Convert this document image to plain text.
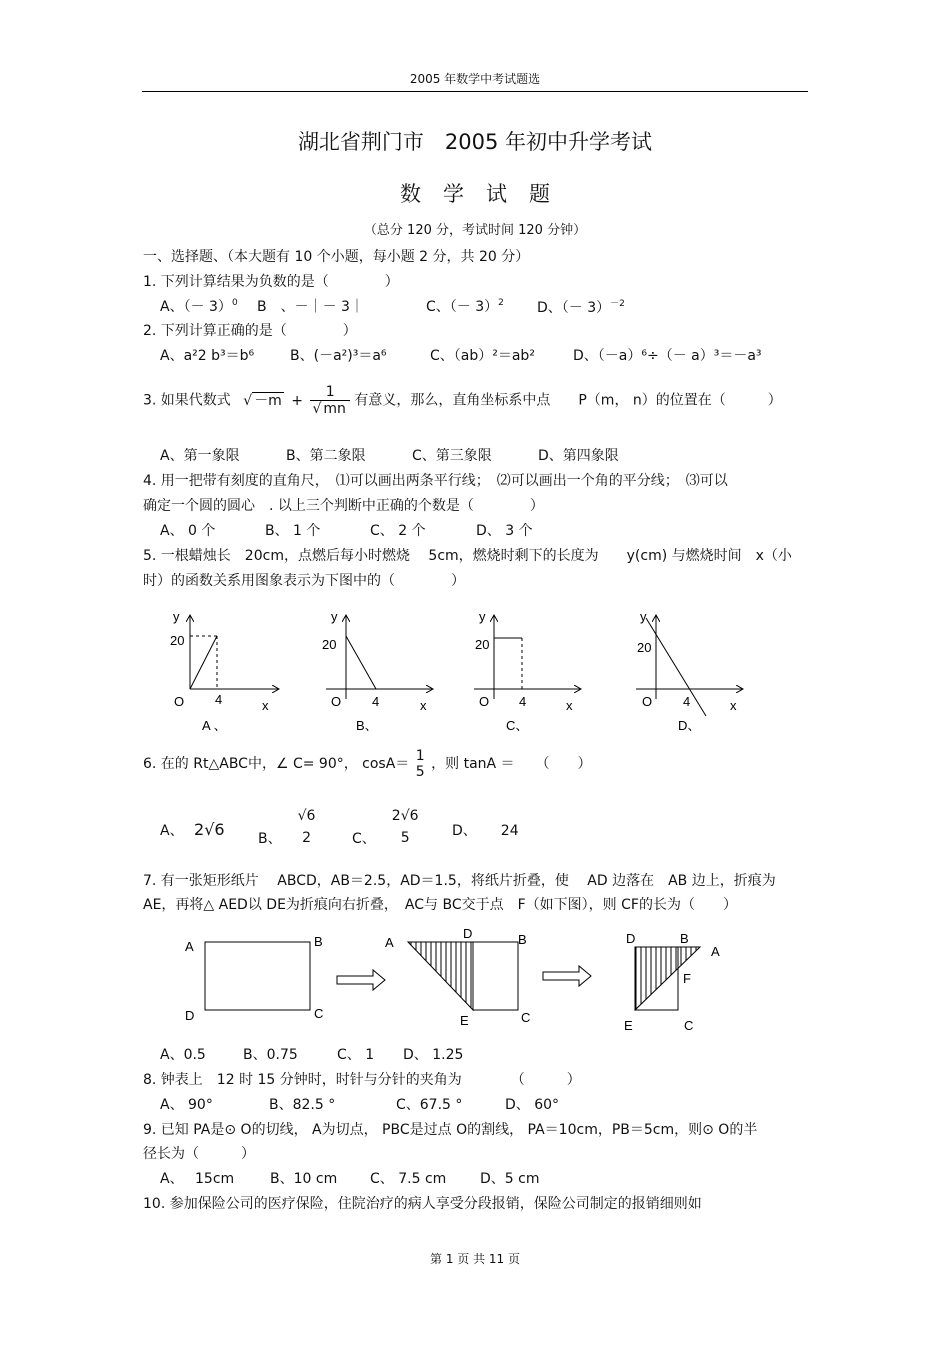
2005 年数学中考试题选
湖北省荆门市　2005 年初中升学考试
数学试题
（总分 120 分，考试时间 120 分钟）
一、选择题、（本大题有 10 个小题，每小题 2 分，共 20 分）
1. 下列计算结果为负数的是（　　　　）
A、（－ 3）$^0$ B　、－｜－ 3｜	C、（－ 3）$^2$ D、（－ 3）$^{-2}$
2. 下列计算正确的是（　　　　）
A、a²2 b³＝b⁶	B、(－a²)³＝a⁶	C、（ab）²＝ab²	D、（－a）⁶÷（－ a）³＝－a³
3. 如果代数式 √ $-m + \frac{1}{√ mn}$ 有意义，那么，直角坐标系中点　　P（m， n）的位置在（　　　）
A、第一象限	B、第二象限	C、第三象限	D、第四象限
4. 用一把带有刻度的直角尺，　⑴可以画出两条平行线；　⑵可以画出一个角的平分线；　⑶可以
确定一个圆的圆心　. 以上三个判断中正确的个数是（　　　　）
A、 0 个	B、 1 个	C、 2 个	D、 3 个
5. 一根蜡烛长　20cm，点燃后每小时燃烧　 5cm，燃烧时剩下的长度为　　y(cm) 与燃烧时间　x（小
时）的函数关系用图象表示为下图中的（　　　　）
y
20
O 4	x
A 、
y
20
O 4	x
B、
y
20
O 4	x
C、
y
20
O 4	x
D、
6. 在的 Rt△ABC中，∠ C= 90°， cosA＝ 1
5 ，则 tanA ＝　　（　　）
A、 2√6 B、
√6
2	C、
2√6
5	D、 24
7. 有一张矩形纸片　 ABCD，AB＝2.5，AD＝1.5，将纸片折叠，使　 AD 边落在　AB 边上，折痕为
AE，再将△ AED以 DE为折痕向右折叠，　AC与 BC交于点　F（如下图），则 CF的长为（　　）
A	B
D	C
A
D	B
E	C
D	B
A
F
E	C
A、0.5	B、0.75	C、 1 D、 1.25
8. 钟表上　12 时 15 分钟时，时针与分针的夹角为　　　　（　　　）
A、 90°	B、82.5 °	C、67.5 °	D、 60°
9. 已知 PA是⊙ O的切线， A为切点， PBC是过点 O的割线， PA＝10cm，PB＝5cm，则⊙ O的半
径长为（　　　）
A、　 15cm	B、10 cm C、 7.5 cm D、5 cm
10. 参加保险公司的医疗保险，住院治疗的病人享受分段报销，保险公司制定的报销细则如
第 1 页 共 11 页
